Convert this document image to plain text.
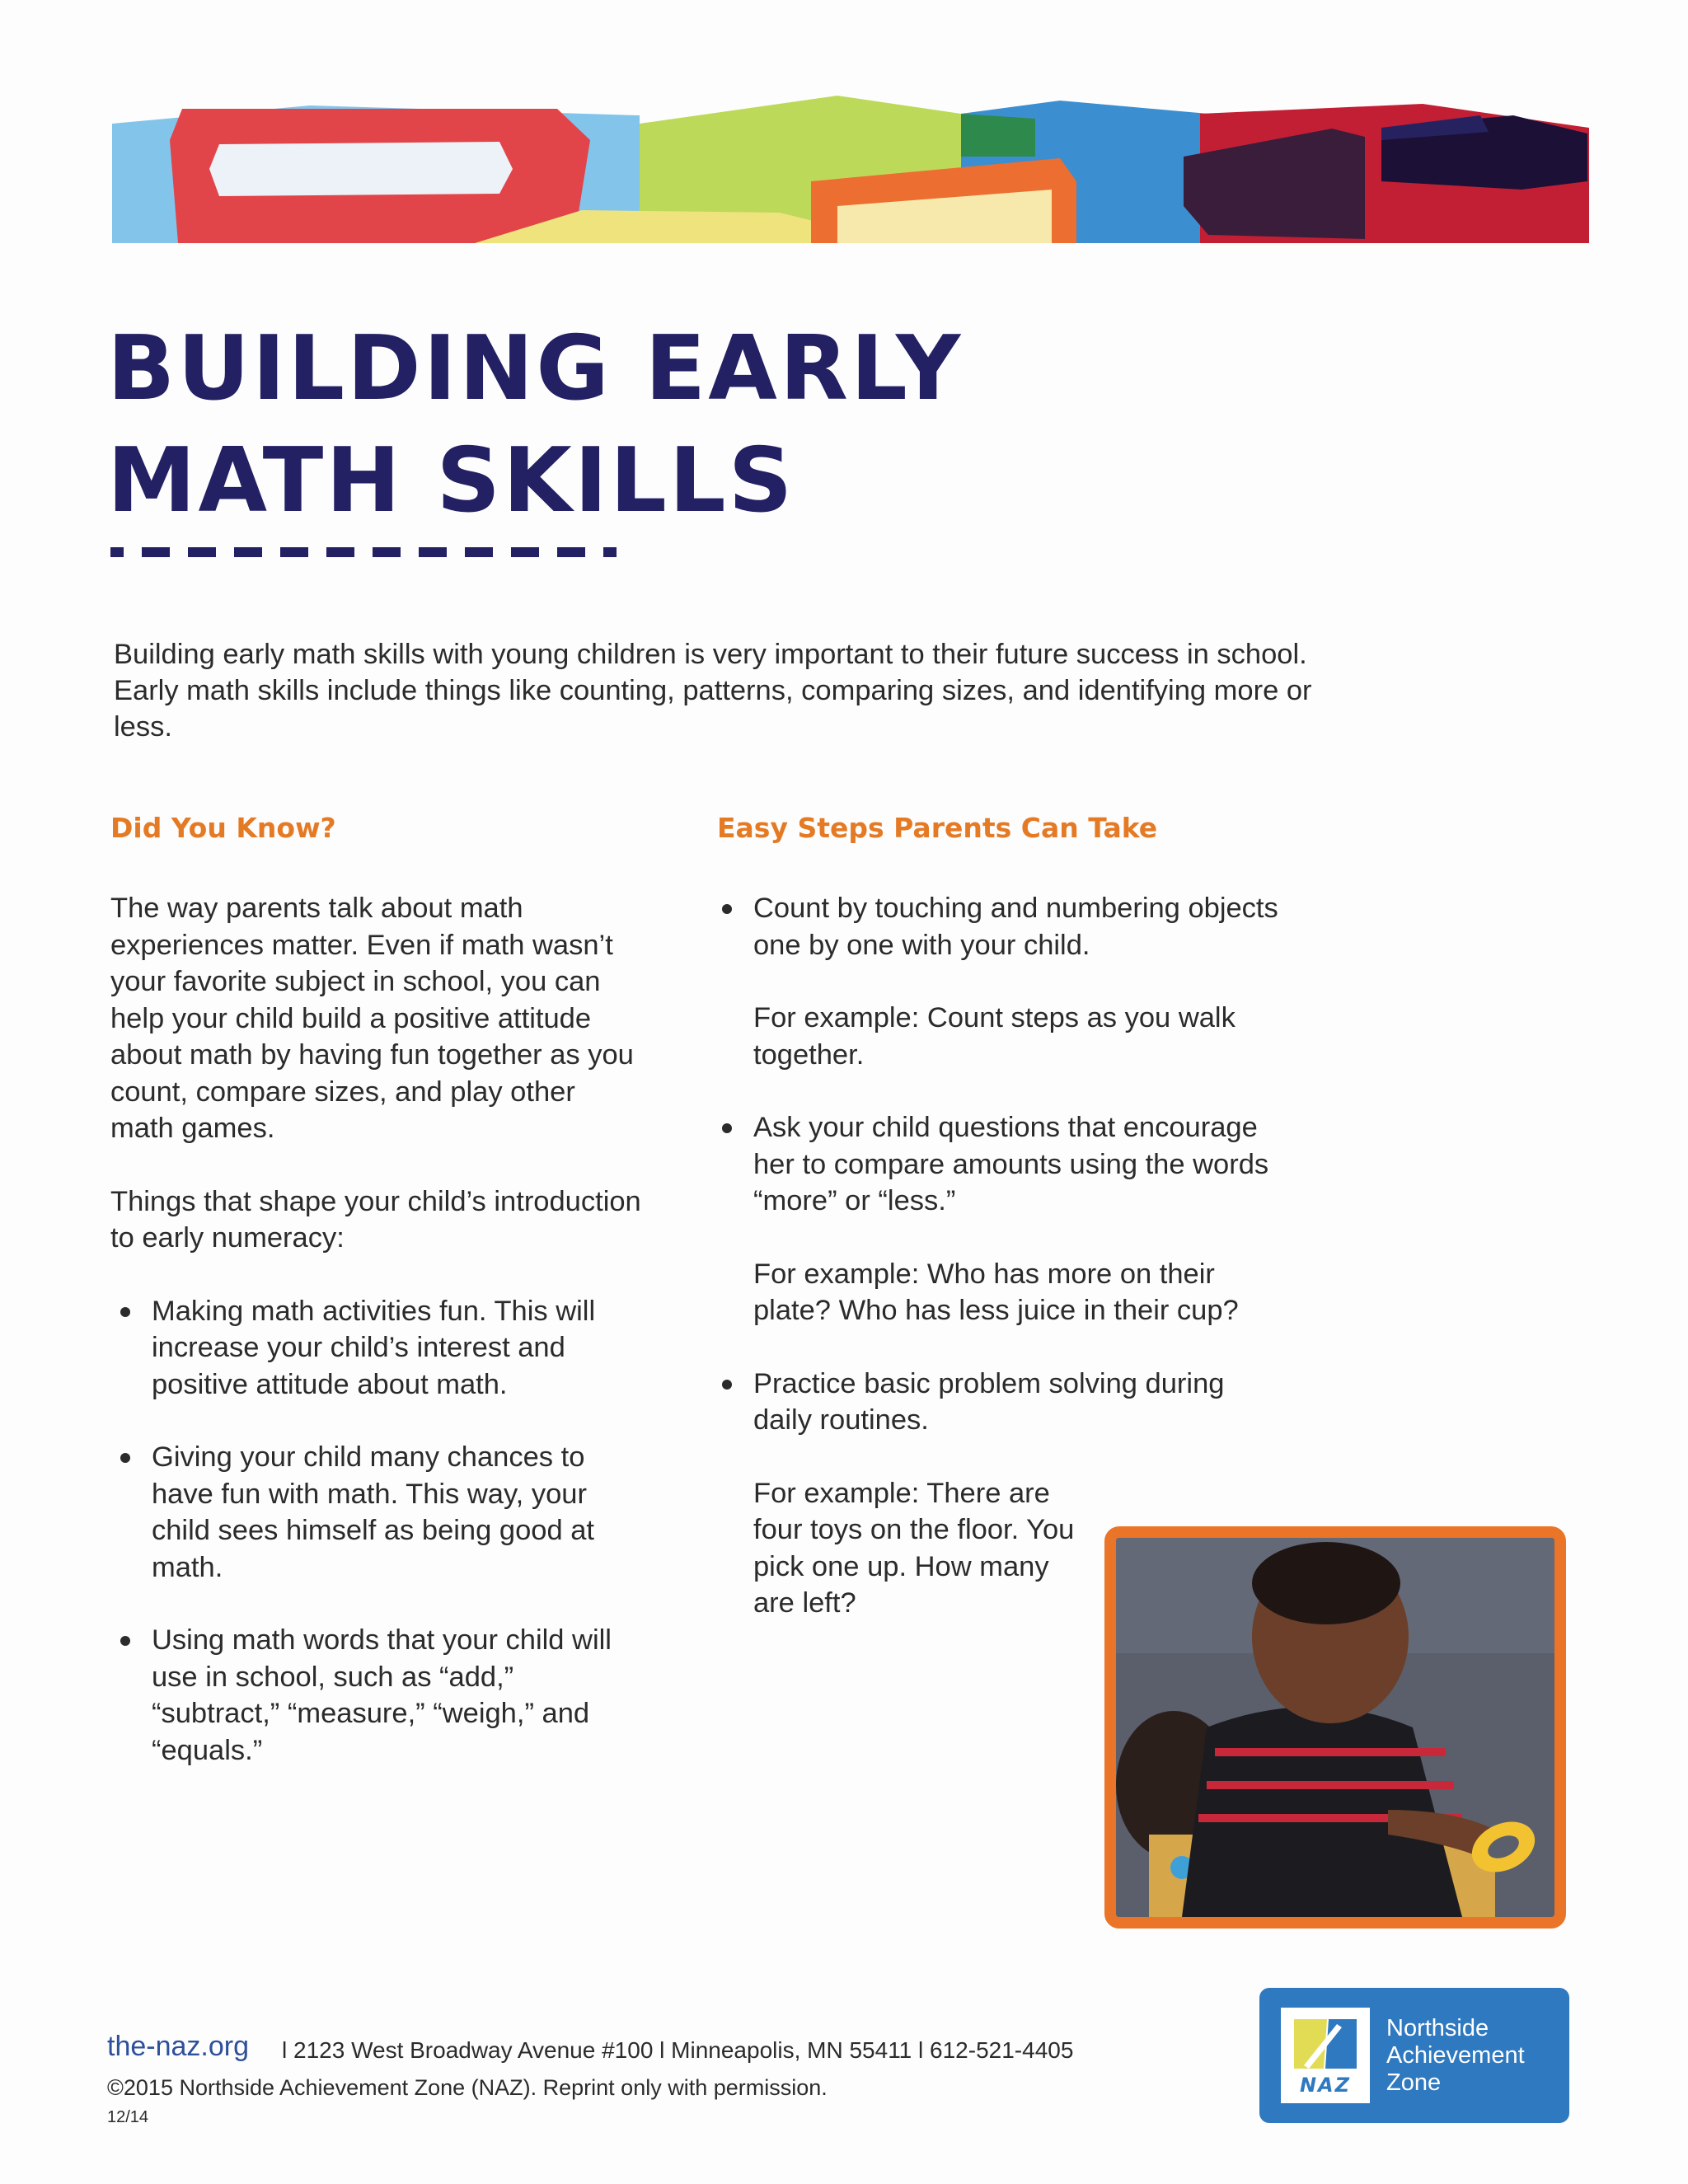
BUILDING EARLY
MATH SKILLS

Building early math skills with young children is very important to their future success in school. Early math skills include things like counting, patterns, comparing sizes, and identifying more or less.

Did You Know?	Easy Steps Parents Can Take

The way parents talk about math experiences matter. Even if math wasn’t your favorite subject in school, you can help your child build a positive attitude about math by having fun together as you count, compare sizes, and play other math games.

Things that shape your child’s introduction to early numeracy:

Making math activities fun. This will increase your child’s interest and positive attitude about math.
Giving your child many chances to have fun with math. This way, your child sees himself as being good at math.
Using math words that your child will use in school, such as “add,” “subtract,” “measure,” “weigh,” and “equals.”
Count by touching and numbering objects one by one with your child.
For example: Count steps as you walk together.
Ask your child questions that encourage her to compare amounts using the words “more” or “less.”
For example: Who has more on their plate? Who has less juice in their cup?
Practice basic problem solving during daily routines.
For example: There are four toys on the floor. You pick one up. How many are left?

the-naz.org l 2123 West Broadway Avenue #100 l Minneapolis, MN 55411 l 612-521-4405

©2015 Northside Achievement Zone (NAZ). Reprint only with permission.

12/14

NAZ
Northside
Achievement
Zone
